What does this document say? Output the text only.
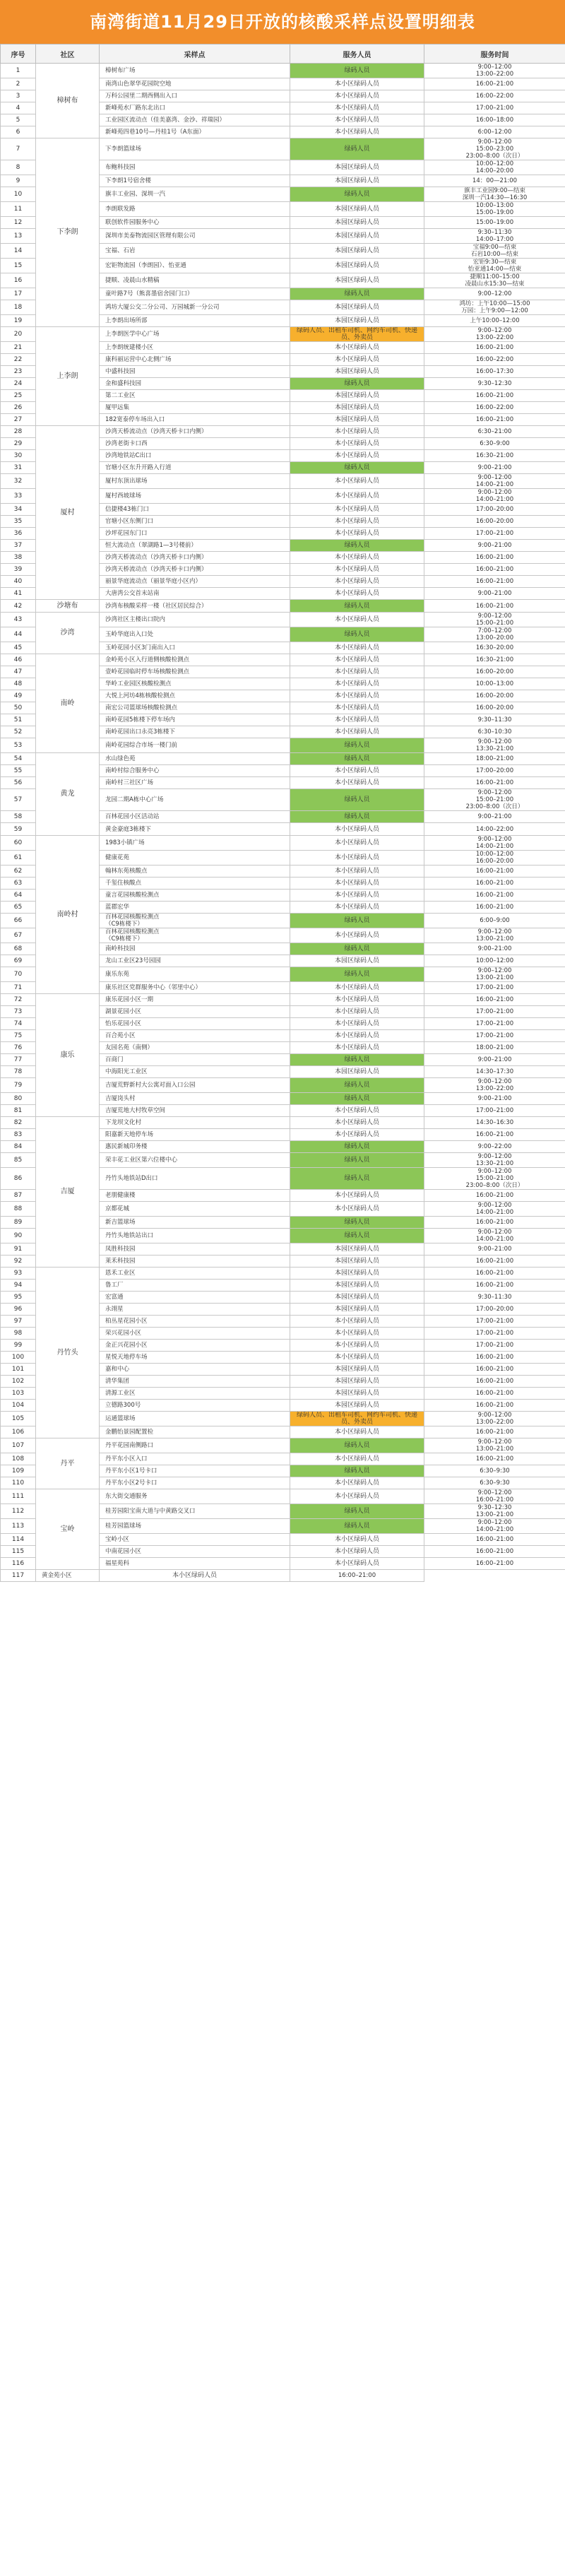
南湾街道11月29日开放的核酸采样点设置明细表
序号	社区	采样点	服务人员	服务时间
1	樟树布	樟树布广场	绿码人员	9:00–12:00
13:00–22:00
2		南湾山色翠华花园院空地	本小区绿码人员	16:00–21:00
3		万科公园里二期西侧出入口	本小区绿码人员	16:00–22:00
4		新峰苑水厂路东北出口	本小区绿码人员	17:00–21:00
5		工业园区流动点（佳美嘉湾、金沙、祥瑞园）	本小区绿码人员	16:00–18:00
6		新峰苑四巷10号—丹桂1号（A东面）	本小区绿码人员	6:00–12:00
7	下李朗	下李朗篮球场	绿码人员	9:00–12:00
15:00–23:00
23:00–8:00（次日）
8		布鲍科技园	本园区绿码人员	10:00–12:00
14:00–20:00
9		下李朗1号宿舍楼	本园区绿码人员	14：00—21:00
10		旗丰工业园、深圳一汽	绿码人员	旗丰工业园9:00—结束
深圳一汽14:30—16:30
11		李朗联发路	本园区绿码人员	10:00–13:00
15:00–19:00
12		联创软件园服务中心	本园区绿码人员	15:00–19:00
13		深圳市美泰物流园区管理有限公司	本园区绿码人员	9:30–11:30
14:00–17:00
14		宝福、石岩	本园区绿码人员	宝福9:00—结束
石岩10:00—结束
15		宏钜物流园（李朗园）、怡亚通	本园区绿码人员	宏钜9:30—结束
怡亚通14:00—结束
16		捷顺、凌晨山水精稿	本园区绿码人员	捷顺11:00–15:00
凌晨山水15:30—结束
17		童叶路7号（熊喜墨宿舍园门口）	绿码人员	9:00–12:00
18		鸿坊大厦公交二分公司、万园城新一分公司	本园区绿码人员	鸿坊：上午10:00—15:00
万园：上午9:00—12:00
19		上李朗出场所部	本园区绿码人员	上午10:00–12:00
20	上李朗	上李朗医学中心广场	绿码人员、出租车司机、网约车司机、快递员、外卖员	9:00–12:00
13:00–22:00
21		上李朗统建楼小区	本小区绿码人员	16:00–21:00
22		康科丽运营中心北侧广场	本小区绿码人员	16:00–22:00
23		中盛科技园	本园区绿码人员	16:00–17:30
24		金和盛科技园	绿码人员	9:30–12:30
25		第二工业区	本园区绿码人员	16:00–21:00
26		厦甲远集	本园区绿码人员	16:00–22:00
27		182宽泰停车场出入口	本园区绿码人员	16:00–21:00
28	厦村	沙湾天桥流动点（沙湾天桥卡口内侧）	本小区绿码人员	6:30–21:00
29		沙湾老街卡口西	本小区绿码人员	6:30–9:00
30		沙湾地铁站C出口	本小区绿码人员	16:30–21:00
31		官塘小区东升开路入行道	绿码人员	9:00–21:00
32		厦村东顶出球场	本小区绿码人员	9:00–12:00
14:00–21:00
33		厦村西坡球场	本小区绿码人员	9:00–12:00
14:00–21:00
34		信捷楼43栋门口	本小区绿码人员	17:00–20:00
35		官塘小区东侧门口	本小区绿码人员	16:00–20:00
36		沙坪花园东门口	本小区绿码人员	17:00–21:00
37		恒大流动点（翠湖路1—3号楼前）	绿码人员	9:00–21:00
38		沙湾天桥流动点（沙湾天桥卡口内侧）	本小区绿码人员	16:00–21:00
39		沙湾天桥流动点（沙湾天桥卡口内侧）	本小区绿码人员	16:00–21:00
40		丽景华庭流动点（丽景华庭小区内）	本小区绿码人员	16:00–21:00
41		大唐湾公交首末站南	本小区绿码人员	9:00–21:00
42	沙塘布	沙湾布核酸采样一楼（社区居民综合）	绿码人员	16:00–21:00
43	沙湾	沙湾社区主楼出口院内	本小区绿码人员	9:00–12:00
15:00–21:00
44		玉岭华庭出入口处	绿码人员	7:00–12:00
13:00–20:00
45		玉岭花园小区3门南出入口	本小区绿码人员	16:30–20:00
46	南岭	金岭苑小区入行道侧核酸检测点	本小区绿码人员	16:30–21:00
47		壹岭花园临时停车场核酸检测点	本小区绿码人员	16:00–20:00
48		华岭工业园区核酸检测点	本小区绿码人员	10:00–13:00
49		大悦上河坊4栋核酸检测点	本小区绿码人员	16:00–20:00
50		南宏公司篮球场核酸检测点	本小区绿码人员	16:00–20:00
51		南岭花园5栋楼下停车场内	本小区绿码人员	9:30–11:30
52		南岭花园出口永亮3栋楼下	本小区绿码人员	6:30–10:30
53		南岭花园综合市场一楼门前	绿码人员	9:00–12:00
13:30–21:00
54	黄龙	水山绿色苑	绿码人员	18:00–21:00
55		南岭村综合服务中心	本小区绿码人员	17:00–20:00
56		南岭村三社区广场	本小区绿码人员	16:00–21:00
57		龙园二期A栋中心广场	绿码人员	9:00–12:00
15:00–21:00
23:00–8:00（次日）
58		百林花园小区活动站	绿码人员	9:00–21:00
59		黄金豪庭3栋楼下	本小区绿码人员	14:00–22:00
60	南岭村	1983小镇广场	本小区绿码人员	9:00–12:00
14:00–21:00
61		健康花苑	本小区绿码人员	10:00–12:00
16:00–20:00
62		翰林东苑核酸点	本小区绿码人员	16:00–21:00
63		千玺住核酸点	本小区绿码人员	16:00–21:00
64		童言花园核酸检测点	本小区绿码人员	16:00–21:00
65		蓝郡宏华	本小区绿码人员	16:00–21:00
66		百林花园核酸检测点
（C9栋楼下）	绿码人员	6:00–9:00
67		百林花园核酸检测点
（C9栋楼下）	本小区绿码人员	9:00–12:00
13:00–21:00
68		南岭科技园	绿码人员	9:00–21:00
69		龙山工业区23号园园	本园区绿码人员	10:00–12:00
70		康乐东苑	绿码人员	9:00–12:00
13:00–21:00
71		康乐社区党群服务中心（邻里中心）	本小区绿码人员	17:00–21:00
72	康乐	康乐花园小区一期	本小区绿码人员	16:00–21:00
73		湖景花园小区	本小区绿码人员	17:00–21:00
74		怡乐花园小区	本小区绿码人员	17:00–21:00
75		百合苑小区	本小区绿码人员	17:00–21:00
76		友园名苑（南侧）	本小区绿码人员	18:00–21:00
77		百商门	绿码人员	9:00–21:00
78		中海阳光工业区	本园区绿码人员	14:30–17:30
79		吉厦荒野新村大公寓对面入口公园	绿码人员	9:00–12:00
13:00–22:00
80		吉厦岗头村	绿码人员	9:00–21:00
81		吉厦荒地大村牧草空间	本小区绿码人员	17:00–21:00
82	吉厦	下龙坝文化村	本小区绿码人员	14:30–16:30
83		阳嘉新天地停车场	本小区绿码人员	16:00–21:00
84		惠民新城印务楼	绿码人员	9:00–22:00
85		荣丰花工业区第六位楼中心	绿码人员	9:00–12:00
13:30–21:00
86		丹竹头地铁站D出口	绿码人员	9:00–12:00
15:00–21:00
23:00–8:00（次日）
87		老朋健康楼	本小区绿码人员	16:00–21:00
88		京都花城	本小区绿码人员	9:00–12:00
14:00–21:00
89		新吉篮球场	绿码人员	16:00–21:00
90		丹竹头地铁站出口	绿码人员	9:00–12:00
14:00–21:00
91		凤胜科技园	本园区绿码人员	9:00–21:00
92		莱禾科技园	本园区绿码人员	16:00–21:00
93	丹竹头	恩禾工业区	本园区绿码人员	16:00–21:00
94		鲁工厂	本园区绿码人员	16:00–21:00
95		宏富通	本园区绿码人员	9:30–11:30
96		永翊星	本园区绿码人员	17:00–20:00
97		柏丛星花园小区	本小区绿码人员	17:00–21:00
98		荣兴花园小区	本小区绿码人员	17:00–21:00
99		金正兴花园小区	本小区绿码人员	17:00–21:00
100		星悦天地停车场	本小区绿码人员	16:00–21:00
101		嘉和中心	本园区绿码人员	16:00–21:00
102		清华集团	本园区绿码人员	16:00–21:00
103		清源工业区	本园区绿码人员	16:00–21:00
104		立德路300号	本园区绿码人员	16:00–21:00
105		运通篮球场	绿码人员、出租车司机、网约车司机、快递员、外卖员	9:00–12:00
13:00–22:00
106		金鹏怡景园配置检	本小区绿码人员	16:00–21:00
107	丹平	丹平花园南侧路口	绿码人员	9:00–12:00
13:00–21:00
108		丹平东小区入口	本小区绿码人员	16:00–21:00
109		丹平东小区1号卡口	绿码人员	6:30–9:30
110		丹平东小区2号卡口	本小区绿码人员	6:30–9:30
111	宝岭	东大街交通服务	本小区绿码人员	9:00–12:00
16:00–21:00
112		桂芳园阳宝南大道与中黄路交叉口	绿码人员	9:30–12:30
13:00–21:00
113		桂芳园篮球场	绿码人员	9:00–12:00
14:00–21:00
114		宝岭小区	本小区绿码人员	16:00–21:00
115		中南花园小区	本小区绿码人员	16:00–21:00
116		福星苑科	本小区绿码人员	16:00–21:00
117	黄金苑小区	本小区绿码人员	16:00–21:00	
